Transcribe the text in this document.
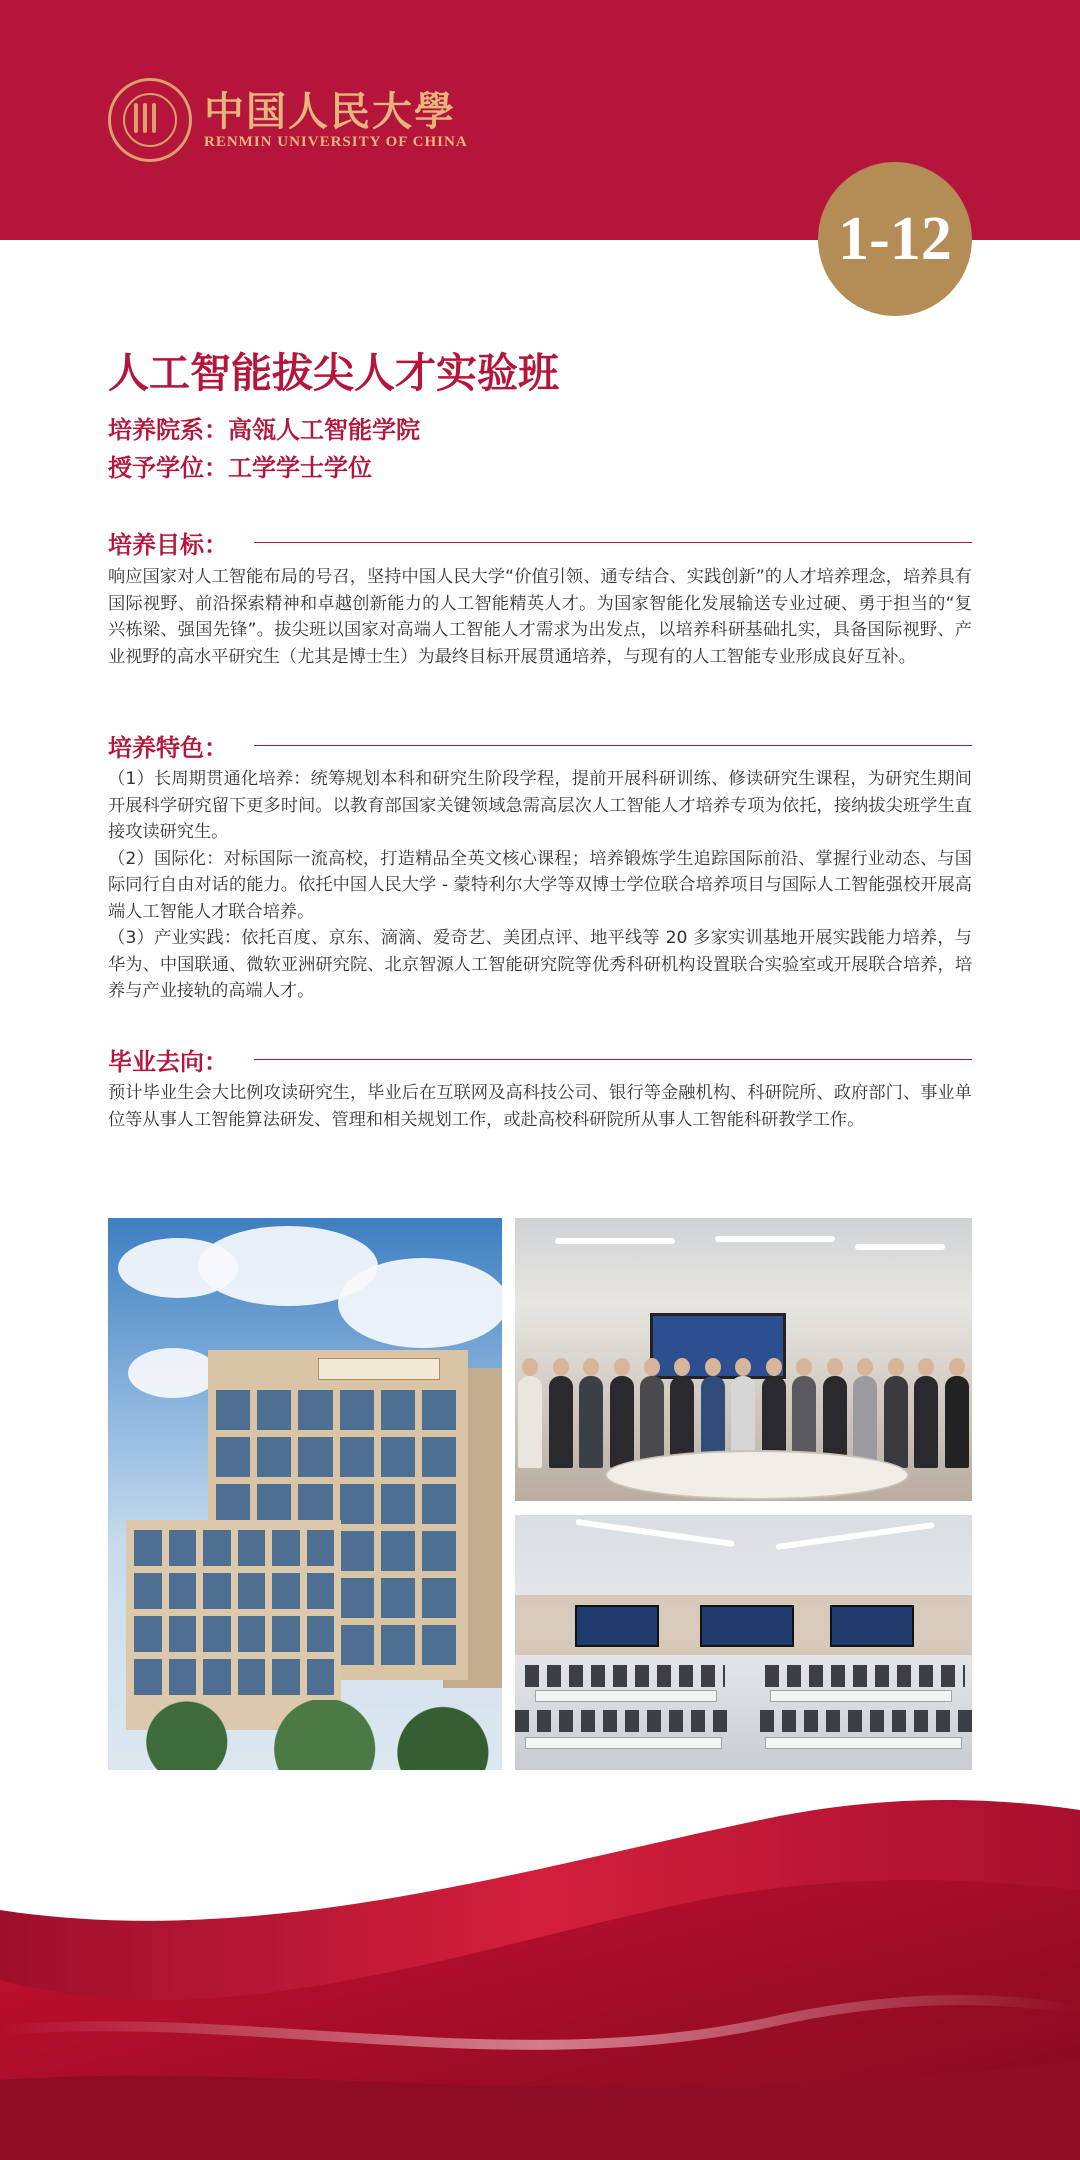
中国人民大學
RENMIN UNIVERSITY OF CHINA
1-12
人工智能拔尖人才实验班
培养院系：高瓴人工智能学院
授予学位：工学学士学位
培养目标：

响应国家对人工智能布局的号召，坚持中国人民大学“价值引领、通专结合、实践创新”的人才培养理念，培养具有国际视野、前沿探索精神和卓越创新能力的人工智能精英人才。为国家智能化发展输送专业过硬、勇于担当的“复兴栋梁、强国先锋”。拔尖班以国家对高端人工智能人才需求为出发点，以培养科研基础扎实，具备国际视野、产业视野的高水平研究生（尤其是博士生）为最终目标开展贯通培养，与现有的人工智能专业形成良好互补。

培养特色：

（1）长周期贯通化培养：统筹规划本科和研究生阶段学程，提前开展科研训练、修读研究生课程，为研究生期间开展科学研究留下更多时间。以教育部国家关键领域急需高层次人工智能人才培养专项为依托，接纳拔尖班学生直接攻读研究生。

（2）国际化：对标国际一流高校，打造精品全英文核心课程；培养锻炼学生追踪国际前沿、掌握行业动态、与国际同行自由对话的能力。依托中国人民大学 - 蒙特利尔大学等双博士学位联合培养项目与国际人工智能强校开展高端人工智能人才联合培养。

（3）产业实践：依托百度、京东、滴滴、爱奇艺、美团点评、地平线等 20 多家实训基地开展实践能力培养，与华为、中国联通、微软亚洲研究院、北京智源人工智能研究院等优秀科研机构设置联合实验室或开展联合培养，培养与产业接轨的高端人才。

毕业去向：

预计毕业生会大比例攻读研究生，毕业后在互联网及高科技公司、银行等金融机构、科研院所、政府部门、事业单位等从事人工智能算法研发、管理和相关规划工作，或赴高校科研院所从事人工智能科研教学工作。
